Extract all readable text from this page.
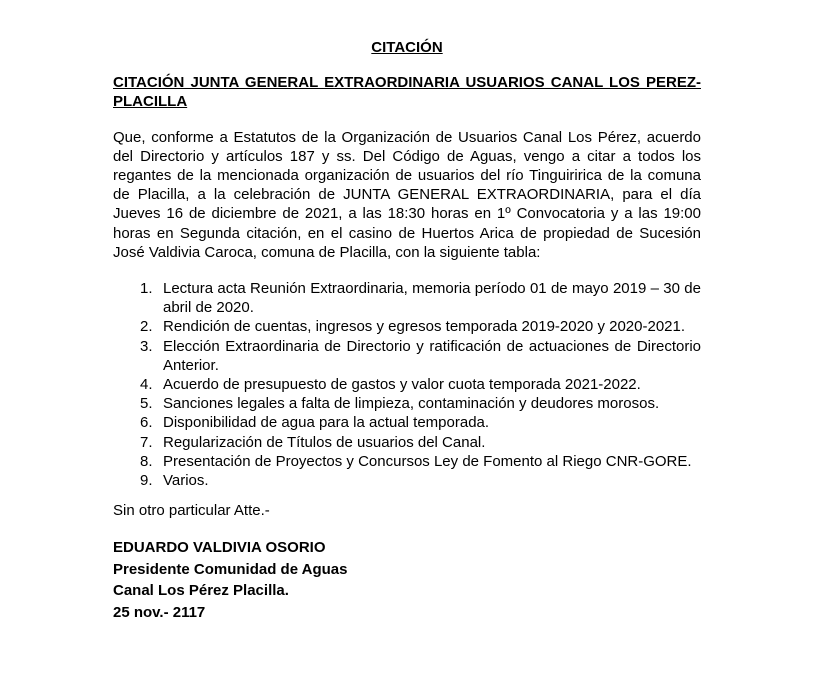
CITACIÓN

CITACIÓN JUNTA GENERAL EXTRAORDINARIA USUARIOS CANAL LOS PEREZ-PLACILLA

Que, conforme a Estatutos de la Organización de Usuarios Canal Los Pérez, acuerdo del Directorio y artículos 187 y ss. Del Código de Aguas, vengo a citar a todos los regantes de la mencionada organización de usuarios del río Tinguiririca de la comuna de Placilla, a la celebración de JUNTA GENERAL EXTRAORDINARIA, para el día Jueves 16 de diciembre de 2021, a las 18:30 horas en 1º Convocatoria y a las 19:00 horas en Segunda citación, en el casino de Huertos Arica de propiedad de Sucesión José Valdivia Caroca, comuna de Placilla, con la siguiente tabla:

Lectura acta Reunión Extraordinaria, memoria período 01 de mayo 2019 – 30 de abril de 2020.
Rendición de cuentas, ingresos y egresos temporada 2019-2020 y 2020-2021.
Elección Extraordinaria de Directorio y ratificación de actuaciones de Directorio Anterior.
Acuerdo de presupuesto de gastos y valor cuota temporada 2021-2022.
Sanciones legales a falta de limpieza, contaminación y deudores morosos.
Disponibilidad de agua para la actual temporada.
Regularización de Títulos de usuarios del Canal.
Presentación de Proyectos y Concursos Ley de Fomento al Riego CNR-GORE.
Varios.

Sin otro particular Atte.-

EDUARDO VALDIVIA OSORIO

Presidente Comunidad de Aguas

Canal Los Pérez Placilla.

25 nov.- 2117
